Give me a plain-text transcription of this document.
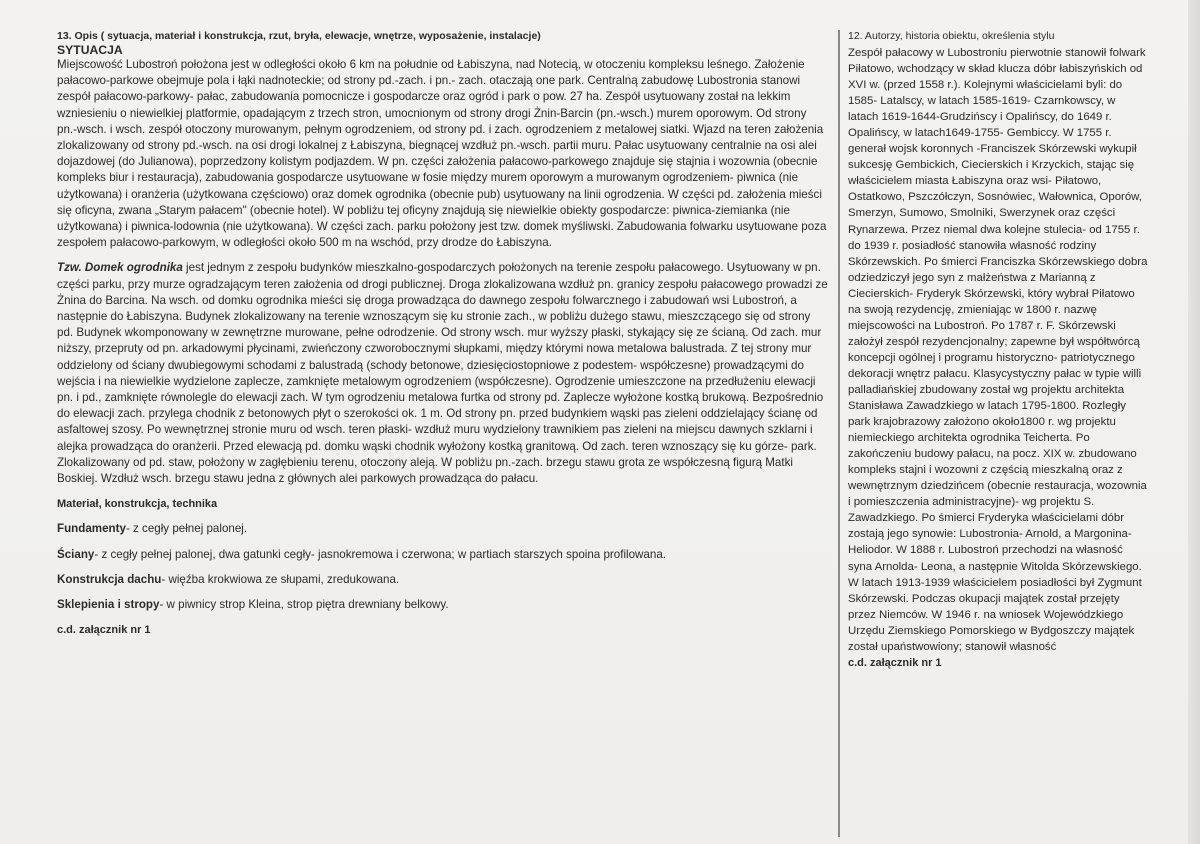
13. Opis ( sytuacja, materiał i konstrukcja, rzut, bryła, elewacje, wnętrze, wyposażenie, instalacje)

SYTUACJA

Miejscowość Lubostroń położona jest w odległości około 6 km na południe od Łabiszyna, nad Notecią, w otoczeniu kompleksu leśnego. Założenie pałacowo-parkowe obejmuje pola i łąki nadnoteckie; od strony pd.-zach. i pn.- zach. otaczają one park. Centralną zabudowę Lubostronia stanowi zespół pałacowo-parkowy- pałac, zabudowania pomocnicze i gospodarcze oraz ogród i park o pow. 27 ha. Zespół usytuowany został na lekkim wzniesieniu o niewielkiej platformie, opadającym z trzech stron, umocnionym od strony drogi Żnin-Barcin (pn.-wsch.) murem oporowym. Od strony pn.-wsch. i wsch. zespół otoczony murowanym, pełnym ogrodzeniem, od strony pd. i zach. ogrodzeniem z metalowej siatki. Wjazd na teren założenia zlokalizowany od strony pd.-wsch. na osi drogi lokalnej z Łabiszyna, biegnącej wzdłuż pn.-wsch. partii muru. Pałac usytuowany centralnie na osi alei dojazdowej (do Julianowa), poprzedzony kolistym podjazdem. W pn. części założenia pałacowo-parkowego znajduje się stajnia i wozownia (obecnie kompleks biur i restauracja), zabudowania gospodarcze usytuowane w fosie między murem oporowym a murowanym ogrodzeniem- piwnica (nie użytkowana) i oranżeria (użytkowana częściowo) oraz domek ogrodnika (obecnie pub) usytuowany na linii ogrodzenia. W części pd. założenia mieści się oficyna, zwana „Starym pałacem" (obecnie hotel). W pobliżu tej oficyny znajdują się niewielkie obiekty gospodarcze: piwnica-ziemianka (nie użytkowana) i piwnica-lodownia (nie użytkowana). W części zach. parku położony jest tzw. domek myśliwski. Zabudowania folwarku usytuowane poza zespołem pałacowo-parkowym, w odległości około 500 m na wschód, przy drodze do Łabiszyna.

Tzw. Domek ogrodnika jest jednym z zespołu budynków mieszkalno-gospodarczych położonych na terenie zespołu pałacowego. Usytuowany w pn. części parku, przy murze ogradzającym teren założenia od drogi publicznej. Droga zlokalizowana wzdłuż pn. granicy zespołu pałacowego prowadzi ze Żnina do Barcina. Na wsch. od domku ogrodnika mieści się droga prowadząca do dawnego zespołu folwarcznego i zabudowań wsi Lubostroń, a następnie do Łabiszyna. Budynek zlokalizowany na terenie wznoszącym się ku stronie zach., w pobliżu dużego stawu, mieszczącego się od strony pd. Budynek wkomponowany w zewnętrzne murowane, pełne odrodzenie. Od strony wsch. mur wyższy płaski, stykający się ze ścianą. Od zach. mur niższy, przepruty od pn. arkadowymi płycinami, zwieńczony czworobocznymi słupkami, między którymi nowa metalowa balustrada. Z tej strony mur oddzielony od ściany dwubiegowymi schodami z balustradą (schody betonowe, dziesięciostopniowe z podestem- współczesne) prowadzącymi do wejścia i na niewielkie wydzielone zaplecze, zamknięte metalowym ogrodzeniem (współczesne). Ogrodzenie umieszczone na przedłużeniu elewacji pn. i pd., zamknięte równolegle do elewacji zach. W tym ogrodzeniu metalowa furtka od strony pd. Zaplecze wyłożone kostką brukową. Bezpośrednio do elewacji zach. przylega chodnik z betonowych płyt o szerokości ok. 1 m. Od strony pn. przed budynkiem wąski pas zieleni oddzielający ścianę od asfaltowej szosy. Po wewnętrznej stronie muru od wsch. teren płaski- wzdłuż muru wydzielony trawnikiem pas zieleni na miejscu dawnych szklarni i alejka prowadząca do oranżerii. Przed elewacją pd. domku wąski chodnik wyłożony kostką granitową. Od zach. teren wznoszący się ku górze- park. Zlokalizowany od pd. staw, położony w zagłębieniu terenu, otoczony aleją. W pobliżu pn.-zach. brzegu stawu grota ze współczesną figurą Matki Boskiej. Wzdłuż wsch. brzegu stawu jedna z głównych alei parkowych prowadząca do pałacu.

Materiał, konstrukcja, technika

Fundamenty- z cegły pełnej palonej.

Ściany- z cegły pełnej palonej, dwa gatunki cegły- jasnokremowa i czerwona; w partiach starszych spoina profilowana.

Konstrukcja dachu- więźba krokwiowa ze słupami, zredukowana.

Sklepienia i stropy- w piwnicy strop Kleina, strop piętra drewniany belkowy.

c.d. załącznik nr 1

12. Autorzy, historia obiektu, określenia stylu

Zespół pałacowy w Lubostroniu pierwotnie stanowił folwark Piłatowo, wchodzący w skład klucza dóbr łabiszyńskich od XVI w. (przed 1558 r.). Kolejnymi właścicielami byli: do 1585- Latalscy, w latach 1585-1619- Czarnkowscy, w latach 1619-1644-Grudzińscy i Opalińscy, do 1649 r. Opalińscy, w latach1649-1755- Gembiccy. W 1755 r. generał wojsk koronnych -Franciszek Skórzewski wykupił sukcesję Gembickich, Ciecierskich i Krzyckich, stając się właścicielem miasta Łabiszyna oraz wsi- Piłatowo, Ostatkowo, Pszczółczyn, Sosnówiec, Wałownica, Oporów, Smerzyn, Sumowo, Smolniki, Swerzynek oraz części Rynarzewa. Przez niemal dwa kolejne stulecia- od 1755 r. do 1939 r. posiadłość stanowiła własność rodziny Skórzewskich. Po śmierci Franciszka Skórzewskiego dobra odziedziczył jego syn z małżeństwa z Marianną z Ciecierskich- Fryderyk Skórzewski, który wybrał Piłatowo na swoją rezydencję, zmieniając w 1800 r. nazwę miejscowości na Lubostroń. Po 1787 r. F. Skórzewski założył zespół rezydencjonalny; zapewne był współtwórcą koncepcji ogólnej i programu historyczno- patriotycznego dekoracji wnętrz pałacu. Klasycystyczny pałac w typie willi palladiańskiej zbudowany został wg projektu architekta Stanisława Zawadzkiego w latach 1795-1800. Rozległy park krajobrazowy założono około1800 r. wg projektu niemieckiego architekta ogrodnika Teicherta. Po zakończeniu budowy pałacu, na pocz. XIX w. zbudowano kompleks stajni i wozowni z częścią mieszkalną oraz z wewnętrznym dziedzińcem (obecnie restauracja, wozownia i pomieszczenia administracyjne)- wg projektu S. Zawadzkiego. Po śmierci Fryderyka właścicielami dóbr zostają jego synowie: Lubostronia- Arnold, a Margonina- Heliodor. W 1888 r. Lubostroń przechodzi na własność syna Arnolda- Leona, a następnie Witolda Skórzewskiego. W latach 1913-1939 właścicielem posiadłości był Zygmunt Skórzewski. Podczas okupacji majątek został przejęty przez Niemców. W 1946 r. na wniosek Wojewódzkiego Urzędu Ziemskiego Pomorskiego w Bydgoszczy majątek został upaństwowiony; stanowił własność

c.d. załącznik nr 1
